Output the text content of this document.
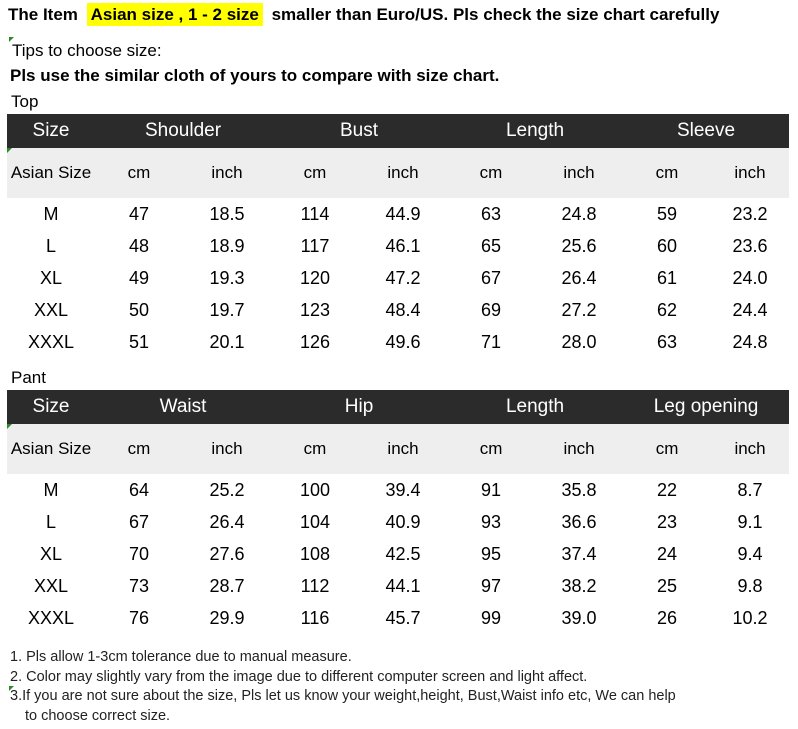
The Item Asian size , 1 - 2 size smaller than Euro/US. Pls check the size chart carefully
Tips to choose size:
Pls use the similar cloth of yours to compare with size chart.
Top
Size	Shoulder		Bust		Length		Sleeve	
Asian Size	cm	inch	cm	inch	cm	inch	cm	inch
M	47	18.5	114	44.9	63	24.8	59	23.2
L	48	18.9	117	46.1	65	25.6	60	23.6
XL	49	19.3	120	47.2	67	26.4	61	24.0
XXL	50	19.7	123	48.4	69	27.2	62	24.4
XXXL	51	20.1	126	49.6	71	28.0	63	24.8
Pant
Size	Waist		Hip		Length		Leg opening	
Asian Size	cm	inch	cm	inch	cm	inch	cm	inch
M	64	25.2	100	39.4	91	35.8	22	8.7
L	67	26.4	104	40.9	93	36.6	23	9.1
XL	70	27.6	108	42.5	95	37.4	24	9.4
XXL	73	28.7	112	44.1	97	38.2	25	9.8
XXXL	76	29.9	116	45.7	99	39.0	26	10.2
1. Pls allow 1-3cm tolerance due to manual measure.
2. Color may slightly vary from the image due to different computer screen and light affect.
3.If you are not sure about the size, Pls let us know your weight,height, Bust,Waist info etc, We can help
to choose correct size.
